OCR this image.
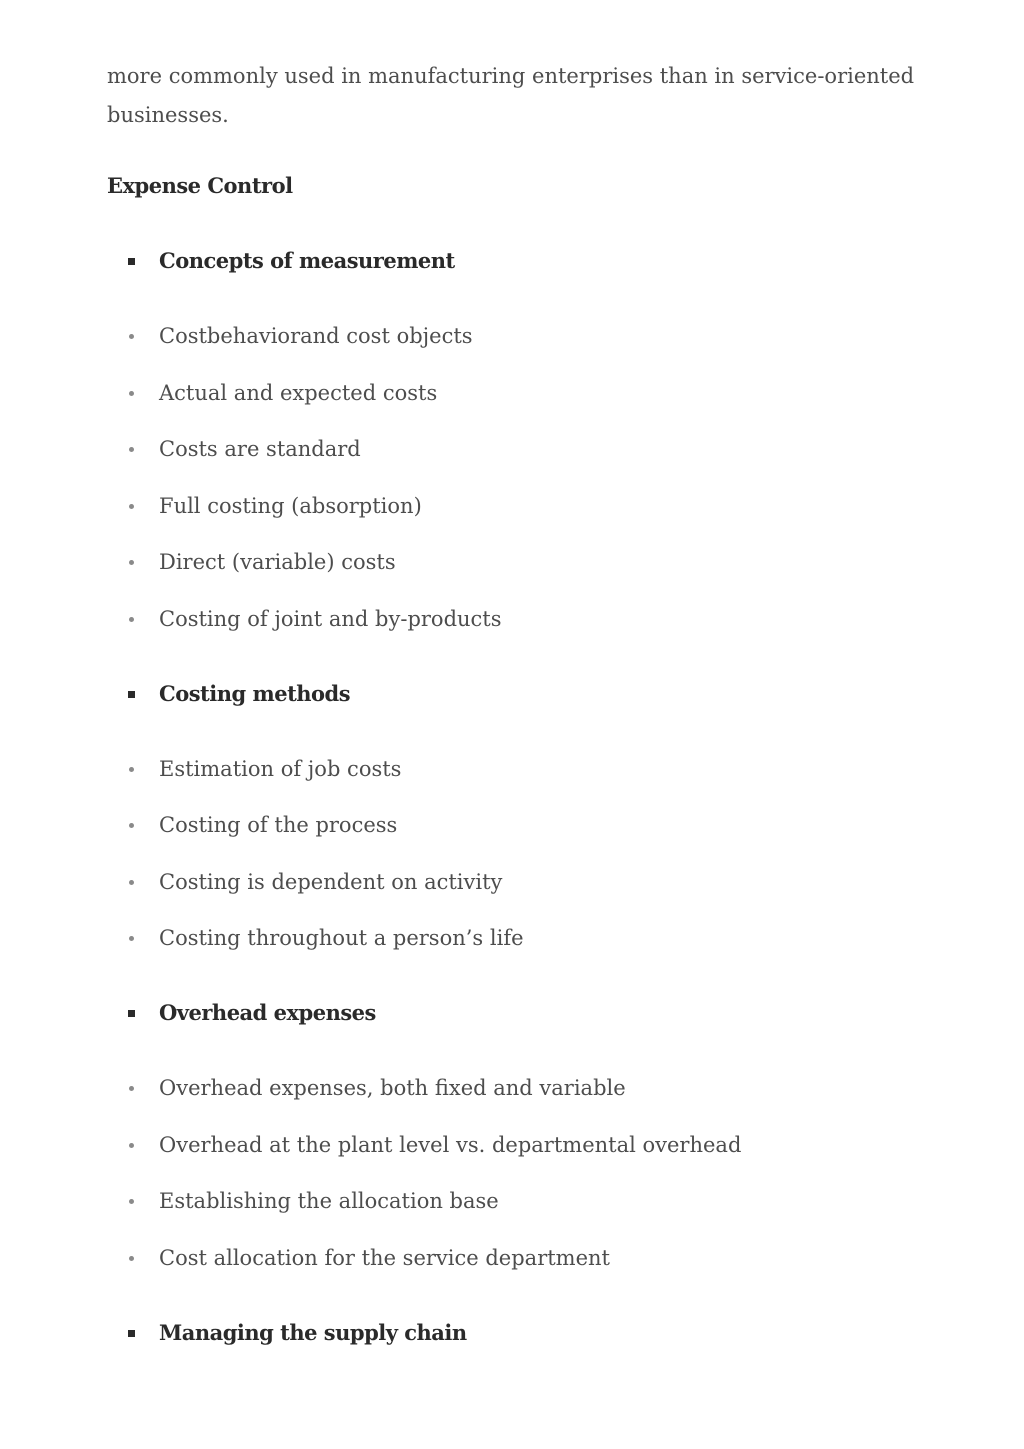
more commonly used in manufacturing enterprises than in service-oriented businesses.

Expense Control
Concepts of measurement
Costbehaviorand cost objects
Actual and expected costs
Costs are standard
Full costing (absorption)
Direct (variable) costs
Costing of joint and by-products
Costing methods
Estimation of job costs
Costing of the process
Costing is dependent on activity
Costing throughout a person’s life
Overhead expenses
Overhead expenses, both fixed and variable
Overhead at the plant level vs. departmental overhead
Establishing the allocation base
Cost allocation for the service department
Managing the supply chain
